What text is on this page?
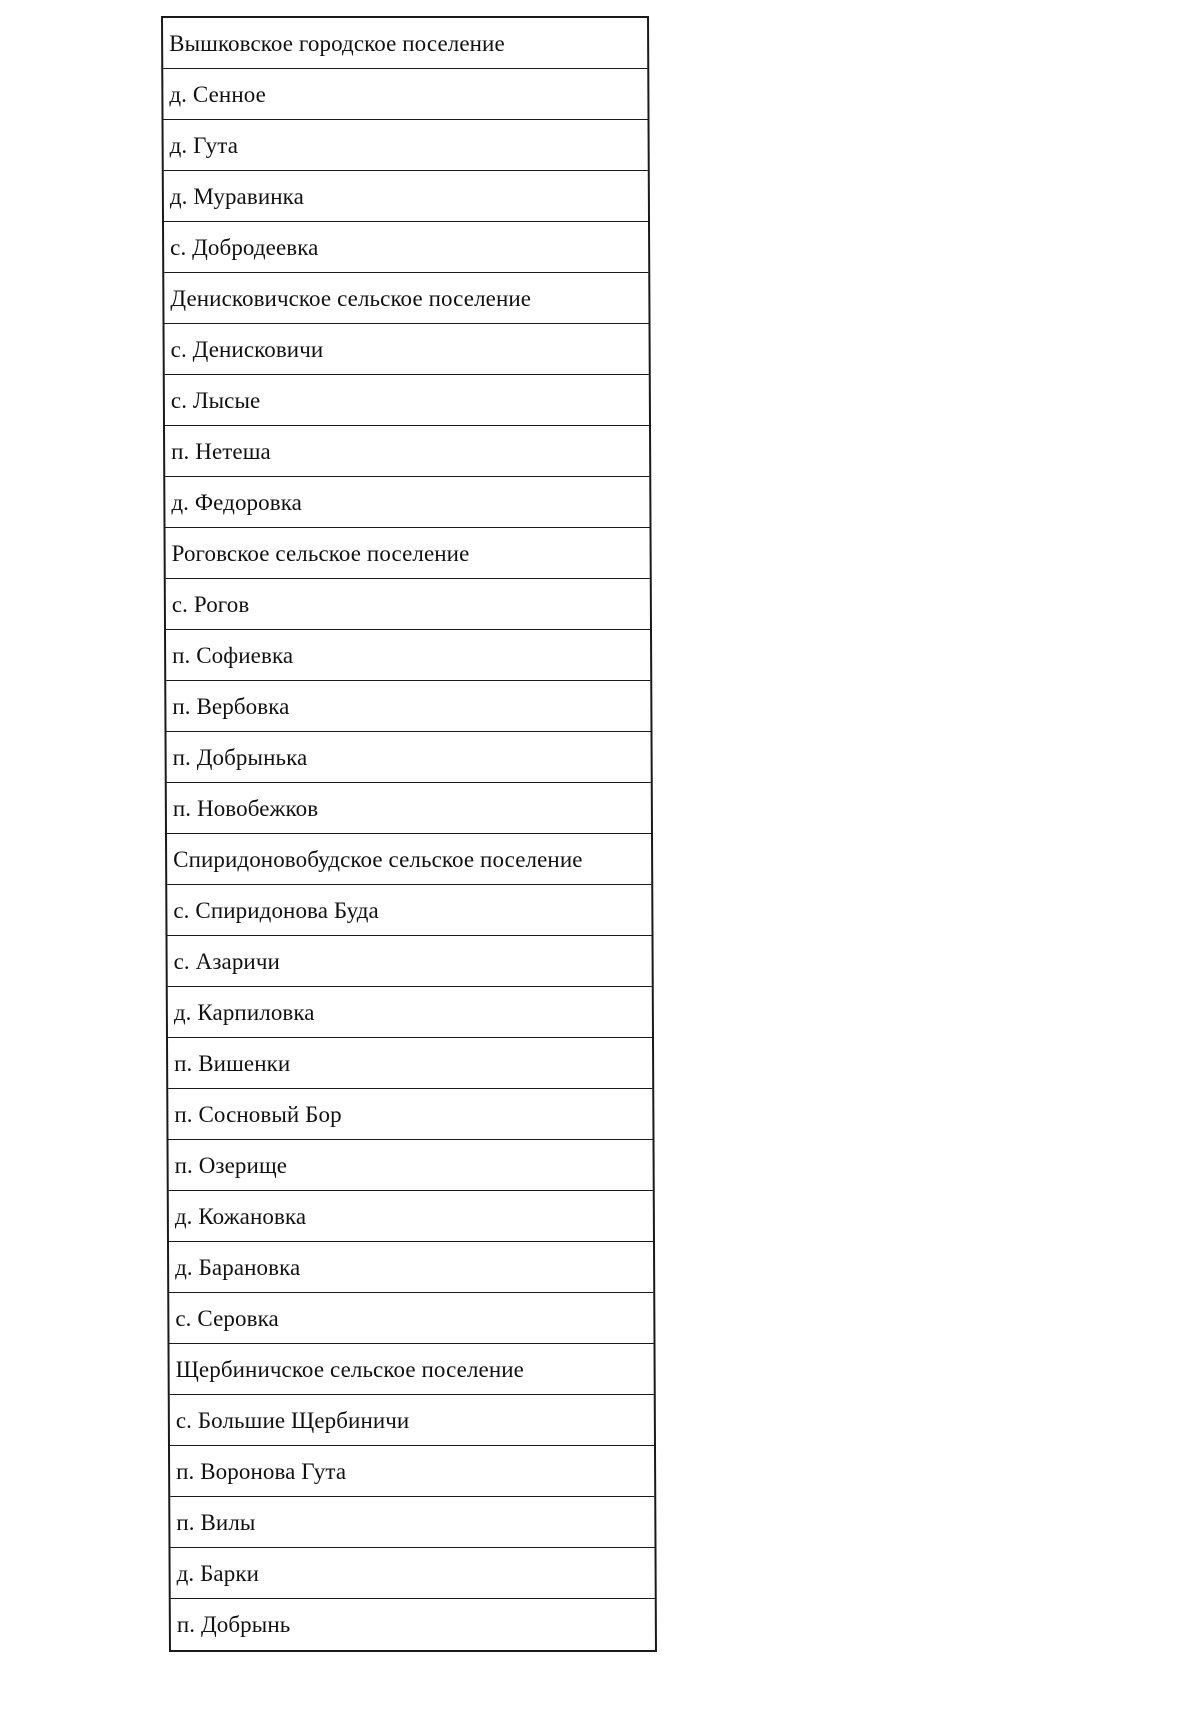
Вышковское городское поселение
д. Сенное
д. Гута
д. Муравинка
с. Добродеевка
Денисковичское сельское поселение
с. Денисковичи
с. Лысые
п. Нетеша
д. Федоровка
Роговское сельское поселение
с. Рогов
п. Софиевка
п. Вербовка
п. Добрынька
п. Новобежков
Спиридоновобудское сельское поселение
с. Спиридонова Буда
с. Азаричи
д. Карпиловка
п. Вишенки
п. Сосновый Бор
п. Озерище
д. Кожановка
д. Барановка
с. Серовка
Щербиничское сельское поселение
с. Большие Щербиничи
п. Воронова Гута
п. Вилы
д. Барки
п. Добрынь
